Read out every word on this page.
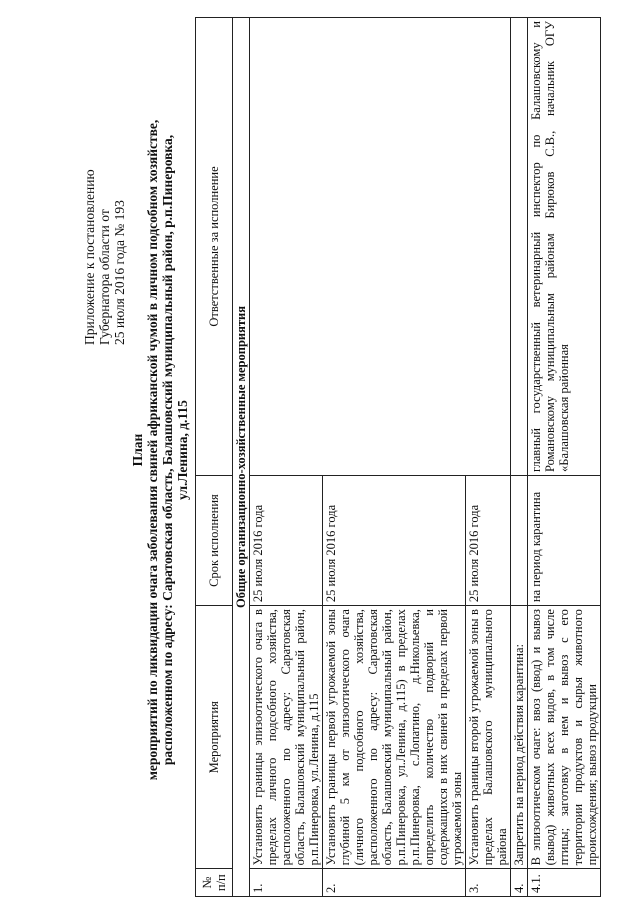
Приложение к постановлению Губернатора области от 25 июля 2016 года № 193
План мероприятий по ликвидации очага заболевания свиней африканской чумой в личном подсобном хозяйстве, расположенном по адресу: Саратовская область, Балашовский муниципальный район, р.п.Пинеровка, ул.Ленина, д.115
№ п/п	Мероприятия	Срок исполнения	Ответственные за исполнение
Общие организационно-хозяйственные мероприятия			
1.	Установить границы эпизоотического очага в пределах личного подсобного хозяйства, расположенного по адресу: Саратовская область, Балашовский муниципальный район, р.п.Пинеровка, ул.Ленина, д.115	25 июля 2016 года	
2.	Установить границы первой угрожаемой зоны глубиной 5 км от эпизоотического очага (личного подсобного хозяйства, расположенного по адресу: Саратовская область, Балашовский муниципальный район, р.п.Пинеровка, ул.Ленина, д.115) в пределах р.п.Пинеровка, с.Лопатино, д.Никольевка, определить количество подворий и содержащихся в них свиней в пределах первой угрожаемой зоны	25 июля 2016 года	
3.	Установить границы второй угрожаемой зоны в пределах Балашовского муниципального района	25 июля 2016 года	
4.	Запретить на период действия карантина:		
4.1.	В эпизоотическом очаге: ввоз (ввод) и вывоз (вывод) животных всех видов, в том числе птицы; заготовку в нем и вывоз с его территории продуктов и сырья животного происхождения; вывоз продукции	на период карантина	главный государственный ветеринарный инспектор по Балашовскому и Романовскому муниципальным районам Бирюков С.В., начальник ОГУ «Балашовская районная
